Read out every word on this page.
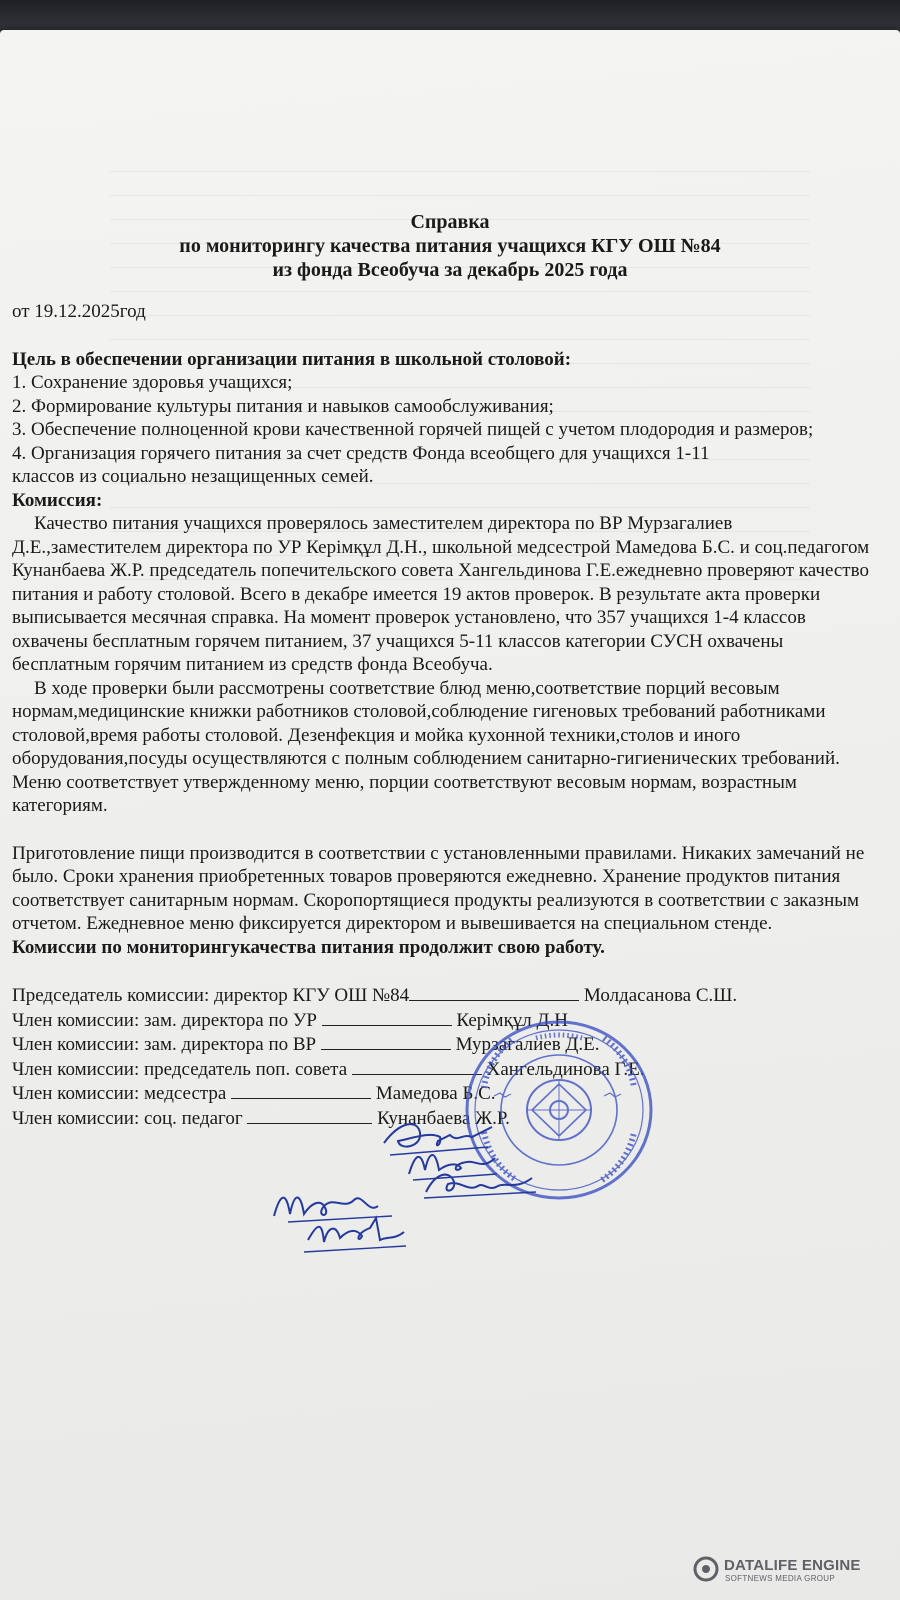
Справка
по мониторингу качества питания учащихся КГУ ОШ №84
из фонда Всеобуча за декабрь 2025 года

от 19.12.2025год

Цель в обеспечении организации питания в школьной столовой:

1. Сохранение здоровья учащихся;

2. Формирование культуры питания и навыков самообслуживания;

3. Обеспечение полноценной крови качественной горячей пищей с учетом плодородия и размеров;

4. Организация горячего питания за счет средств Фонда всеобщего для учащихся 1-11 классов из социально незащищенных семей.

Комиссия:

Качество питания учащихся проверялось заместителем директора по ВР Мурзагалиев Д.Е.,заместителем директора по УР Керімқұл Д.Н., школьной медсестрой Мамедова Б.С. и соц.педагогом Кунанбаева Ж.Р. председатель попечительского совета Хангельдинова Г.Е.ежедневно проверяют качество питания и работу столовой. Всего в декабре имеется 19 актов проверок. В результате акта проверки выписывается месячная справка. На момент проверок установлено, что 357 учащихся 1-4 классов охвачены бесплатным горячем питанием, 37 учащихся 5-11 классов категории СУСН охвачены бесплатным горячим питанием из средств фонда Всеобуча.

В ходе проверки были рассмотрены соответствие блюд меню,соответствие порций весовым нормам,медицинские книжки работников столовой,соблюдение гигеновых требований работниками столовой,время работы столовой. Дезенфекция и мойка кухонной техники,столов и иного оборудования,посуды осуществляются с полным соблюдением санитарно-гигиенических требований. Меню соответствует утвержденному меню, порции соответствуют весовым нормам, возрастным категориям.

Приготовление пищи производится в соответствии с установленными правилами. Никаких замечаний не было. Сроки хранения приобретенных товаров проверяются ежедневно. Хранение продуктов питания соответствует санитарным нормам. Скоропортящиеся продукты реализуются в соответствии с заказным отчетом. Ежедневное меню фиксируется директором и вывешивается на специальном стенде.

Комиссии по мониторингукачества питания продолжит свою работу.

Председатель комиссии: директор КГУ ОШ №84	Молдасанова С.Ш.

Член комиссии: зам. директора по УР	Керімқұл Д.Н

Член комиссии: зам. директора по ВР	Мурзагалиев Д.Е.

Член комиссии: председатель поп. совета	Хангельдинова Г.Е.

Член комиссии: медсестра	Мамедова Б.С.

Член комиссии: соц. педагог	Кунанбаева Ж.Р.

DATALIFE ENGINE
SOFTNEWS MEDIA GROUP
